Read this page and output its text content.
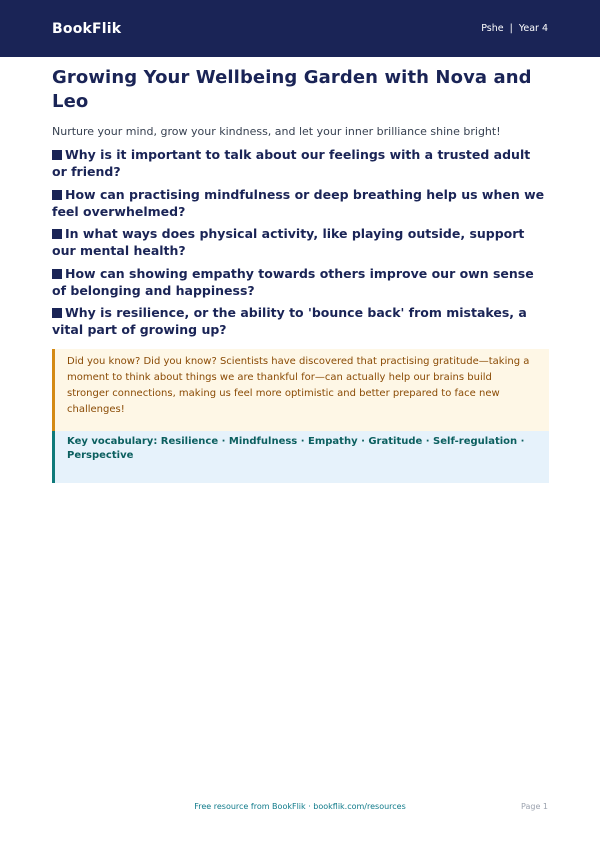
BookFlik	Pshe | Year 4
Growing Your Wellbeing Garden with Nova and Leo

Nurture your mind, grow your kindness, and let your inner brilliance shine bright!

Why is it important to talk about our feelings with a trusted adult or friend?
How can practising mindfulness or deep breathing help us when we feel overwhelmed?
In what ways does physical activity, like playing outside, support our mental health?
How can showing empathy towards others improve our own sense of belonging and happiness?
Why is resilience, or the ability to 'bounce back' from mistakes, a vital part of growing up?
Did you know? Did you know? Scientists have discovered that practising gratitude—taking a moment to think about things we are thankful for—can actually help our brains build stronger connections, making us feel more optimistic and better prepared to face new challenges!
Key vocabulary: Resilience · Mindfulness · Empathy · Gratitude · Self-regulation · Perspective
Free resource from BookFlik · bookflik.com/resources	Page 1
